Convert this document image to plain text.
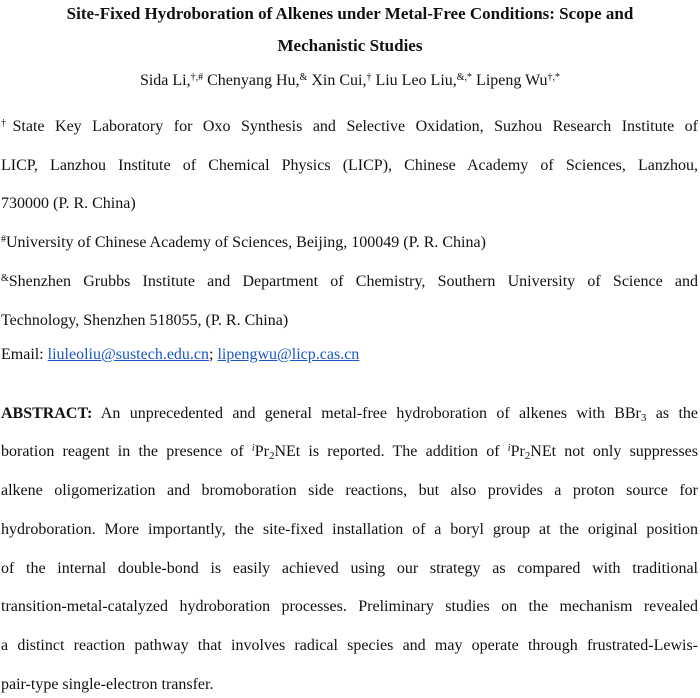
Site-Fixed Hydroboration of Alkenes under Metal-Free Conditions: Scope and
Mechanistic Studies
Sida Li,†,# Chenyang Hu,& Xin Cui,† Liu Leo Liu,&,* Lipeng Wu†,*
†State Key Laboratory for Oxo Synthesis and Selective Oxidation, Suzhou Research Institute of
LICP, Lanzhou Institute of Chemical Physics (LICP), Chinese Academy of Sciences, Lanzhou,
730000 (P. R. China)
#University of Chinese Academy of Sciences, Beijing, 100049 (P. R. China)
&Shenzhen Grubbs Institute and Department of Chemistry, Southern University of Science and
Technology, Shenzhen 518055, (P. R. China)
Email: liuleoliu@sustech.edu.cn; lipengwu@licp.cas.cn
ABSTRACT: An unprecedented and general metal-free hydroboration of alkenes with BBr$_3$ as the
boration reagent in the presence of $^iPr_2NEt$ is reported. The addition of $^iPr_2NEt$ not only suppresses
alkene oligomerization and bromoboration side reactions, but also provides a proton source for
hydroboration. More importantly, the site-fixed installation of a boryl group at the original position
of the internal double-bond is easily achieved using our strategy as compared with traditional
transition-metal-catalyzed hydroboration processes. Preliminary studies on the mechanism revealed
a distinct reaction pathway that involves radical species and may operate through frustrated-Lewis-
pair-type single-electron transfer.
